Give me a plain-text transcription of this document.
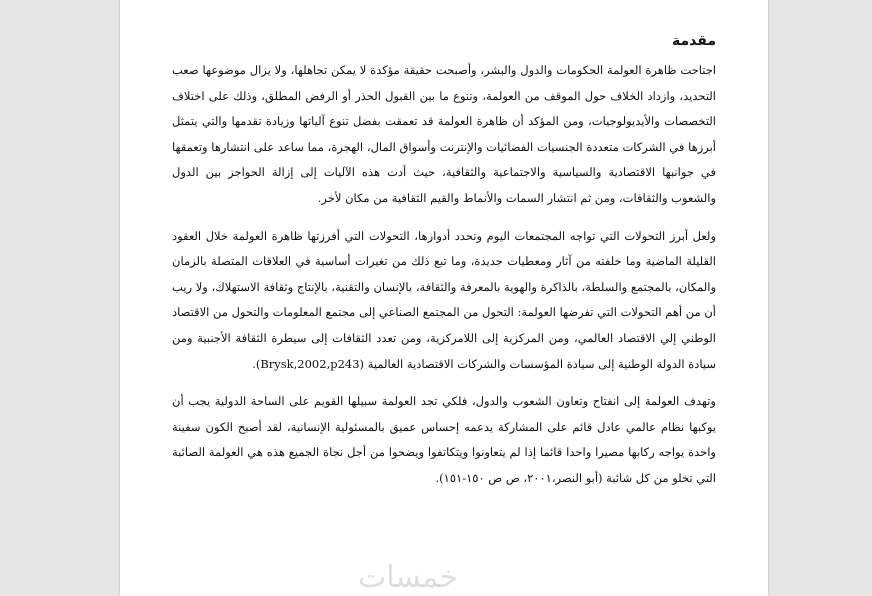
مقدمة

اجتاحت ظاهرة العولمة الحكومات والدول والبشر، وأصبحت حقيقة مؤكدة لا يمكن تجاهلها، ولا يزال موضوعها صعب التحديد، وازداد الخلاف حول الموقف من العولمة، وتنوع ما بين القبول الحذر أو الرفض المطلق، وذلك على اختلاف التخصصات والأيديولوجيات، ومن المؤكد أن ظاهرة العولمة قد تعمقت بفضل تنوع آلياتها وزيادة تقدمها والتي يتمثل أبرزها في الشركات متعددة الجنسيات الفضائيات والإنترنت وأسواق المال، الهجرة، مما ساعد على انتشارها وتعمقها في جوانبها الاقتصادية والسياسية والاجتماعية والثقافية، حيث أدت هذه الآليات إلى إزالة الحواجز بين الدول والشعوب والثقافات، ومن ثم انتشار السمات والأنماط والقيم الثقافية من مكان لأخر.

ولعل أبرز التحولات التي تواجه المجتمعات اليوم وتحدد أدوارها، التحولات التي أفرزتها ظاهرة العولمة خلال العقود القليلة الماضية وما خلفته من آثار ومعطيات جديدة، وما تبع ذلك من تغيرات أساسية في العلاقات المتصلة بالزمان والمكان، بالمجتمع والسلطة، بالذاكرة والهوية بالمعرفة والثقافة، بالإنسان والتقنية، بالإنتاج وثقافة الاستهلاك، ولا ريب أن من أهم التحولات التي تفرضها العولمة: التحول من المجتمع الصناعي إلى مجتمع المعلومات والتحول من الاقتصاد الوطني إلي الاقتصاد العالمي، ومن المركزية إلى اللامركزية، ومن تعدد الثقافات إلى سيطرة الثقافة الأجنبية ومن سيادة الدولة الوطنية إلى سيادة المؤسسات والشركات الاقتصادية العالمية (Brysk,2002,p243).

وتهدف العولمة إلى انفتاح وتعاون الشعوب والدول، فلكي تجد العولمة سبيلها القويم على الساحة الدولية يجب أن يوكبها نظام عالمي عادل قائم على المشاركة يدعمه إحساس عميق بالمسئولية الإنسانية، لقد أصبح الكون سفينة واحدة يواجه ركابها مصيرا واحدا قائما إذا لم يتعاونوا ويتكاتفوا ويضحوا من أجل نجاة الجميع هذه هي العولمة الصائبة التي تخلو من كل شائبة (أبو النصر،٢٠٠١، ص ص ١٥٠-١٥١).

خمسات
